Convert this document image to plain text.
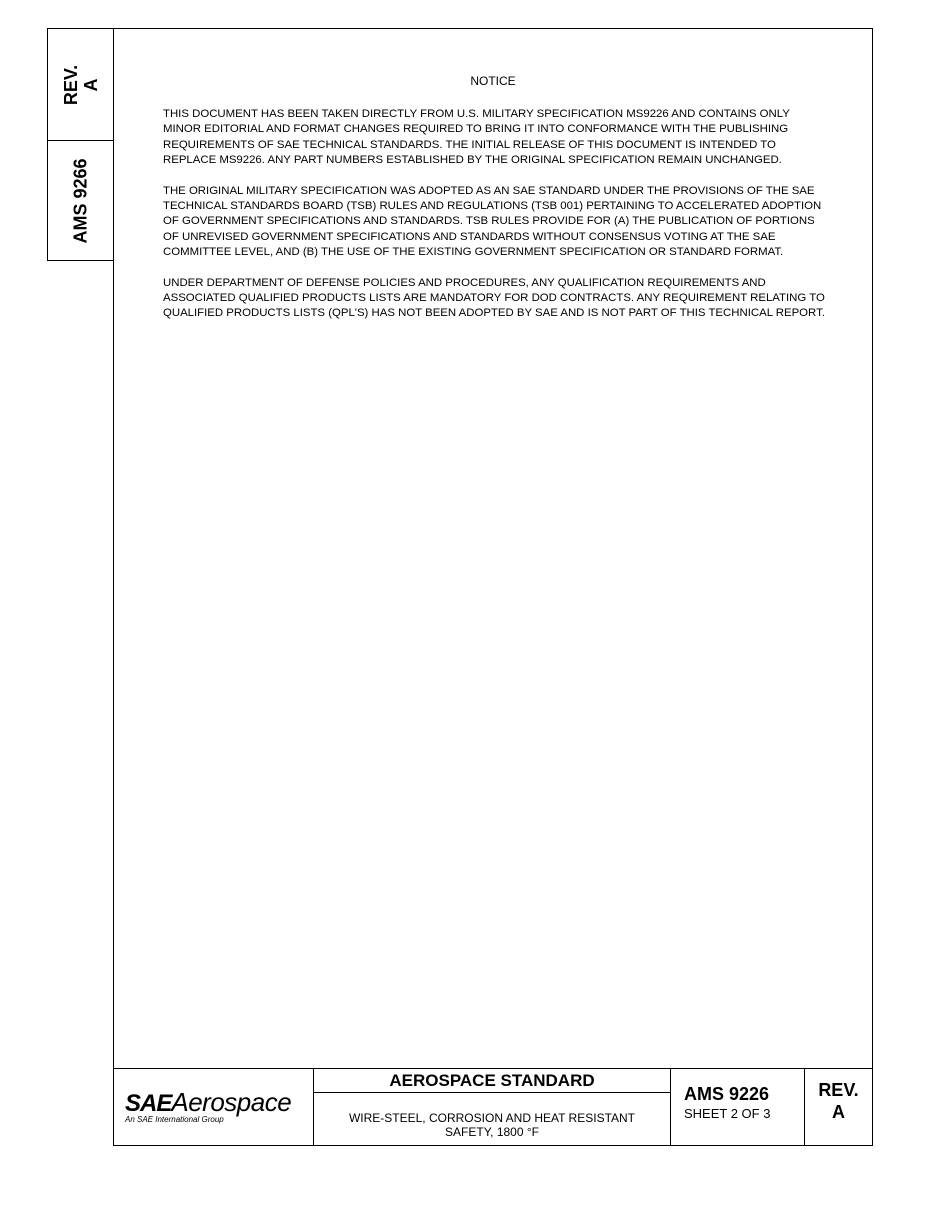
REV. A
AMS 9266
NOTICE

THIS DOCUMENT HAS BEEN TAKEN DIRECTLY FROM U.S. MILITARY SPECIFICATION MS9226 AND CONTAINS ONLY MINOR EDITORIAL AND FORMAT CHANGES REQUIRED TO BRING IT INTO CONFORMANCE WITH THE PUBLISHING REQUIREMENTS OF SAE TECHNICAL STANDARDS. THE INITIAL RELEASE OF THIS DOCUMENT IS INTENDED TO REPLACE MS9226. ANY PART NUMBERS ESTABLISHED BY THE ORIGINAL SPECIFICATION REMAIN UNCHANGED.

THE ORIGINAL MILITARY SPECIFICATION WAS ADOPTED AS AN SAE STANDARD UNDER THE PROVISIONS OF THE SAE TECHNICAL STANDARDS BOARD (TSB) RULES AND REGULATIONS (TSB 001) PERTAINING TO ACCELERATED ADOPTION OF GOVERNMENT SPECIFICATIONS AND STANDARDS. TSB RULES PROVIDE FOR (A) THE PUBLICATION OF PORTIONS OF UNREVISED GOVERNMENT SPECIFICATIONS AND STANDARDS WITHOUT CONSENSUS VOTING AT THE SAE COMMITTEE LEVEL, AND (B) THE USE OF THE EXISTING GOVERNMENT SPECIFICATION OR STANDARD FORMAT.

UNDER DEPARTMENT OF DEFENSE POLICIES AND PROCEDURES, ANY QUALIFICATION REQUIREMENTS AND ASSOCIATED QUALIFIED PRODUCTS LISTS ARE MANDATORY FOR DOD CONTRACTS. ANY REQUIREMENT RELATING TO QUALIFIED PRODUCTS LISTS (QPL'S) HAS NOT BEEN ADOPTED BY SAE AND IS NOT PART OF THIS TECHNICAL REPORT.

SAEAerospace
An SAE International Group
AEROSPACE STANDARD
WIRE-STEEL, CORROSION AND HEAT RESISTANT
SAFETY, 1800 °F
AMS 9226
SHEET 2 OF 3
REV.
A
